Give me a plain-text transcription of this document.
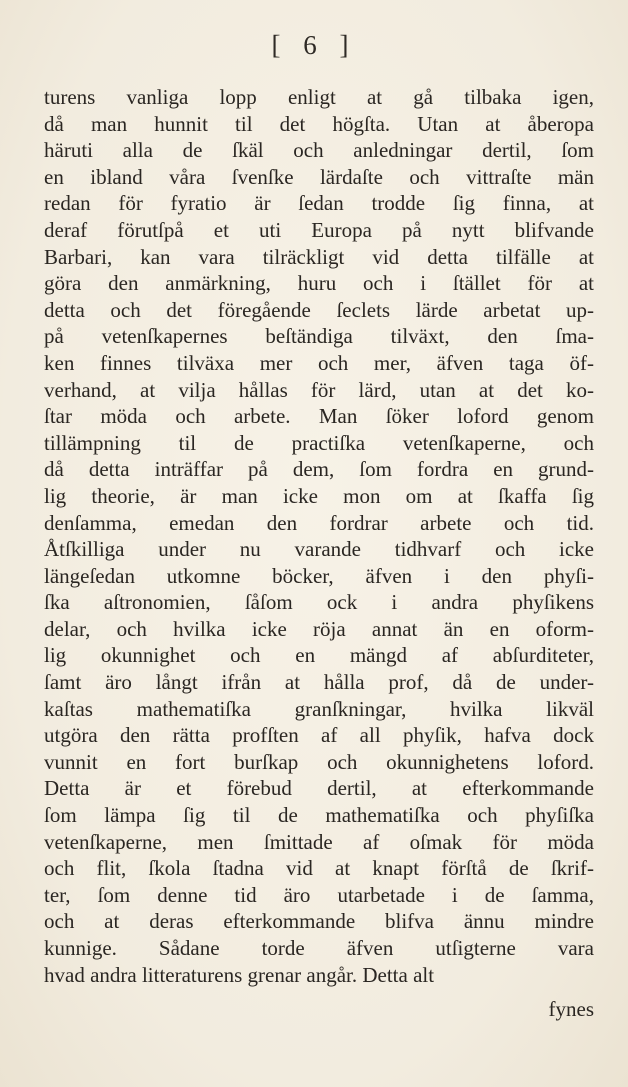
[ 6 ]
turens vanliga lopp enligt at gå tilbaka igen,
då man hunnit til det högſta. Utan at åberopa
häruti alla de ſkäl och anledningar dertil, ſom
en ibland våra ſvenſke lärdaſte och vittraſte män
redan för fyratio är ſedan trodde ſig finna, at
deraf förutſpå et uti Europa på nytt blifvande
Barbari, kan vara tilräckligt vid detta tilfälle at
göra den anmärkning, huru och i ſtället för at
detta och det föregående ſeclets lärde arbetat up-
på vetenſkapernes beſtändiga tilväxt, den ſma-
ken finnes tilväxa mer och mer, äfven taga öf-
verhand, at vilja hållas för lärd, utan at det ko-
ſtar möda och arbete. Man ſöker loford genom
tillämpning til de practiſka vetenſkaperne, och
då detta inträffar på dem, ſom fordra en grund-
lig theorie, är man icke mon om at ſkaffa ſig
denſamma, emedan den fordrar arbete och tid.
Åtſkilliga under nu varande tidhvarf och icke
längeſedan utkomne böcker, äfven i den phyſi-
ſka aſtronomien, ſåſom ock i andra phyſikens
delar, och hvilka icke röja annat än en oform-
lig okunnighet och en mängd af abſurditeter,
ſamt äro långt ifrån at hålla prof, då de under-
kaſtas mathematiſka granſkningar, hvilka likväl
utgöra den rätta profſten af all phyſik, hafva dock
vunnit en fort burſkap och okunnighetens loford.
Detta är et förebud dertil, at efterkommande
ſom lämpa ſig til de mathematiſka och phyſiſka
vetenſkaperne, men ſmittade af oſmak för möda
och flit, ſkola ſtadna vid at knapt förſtå de ſkrif-
ter, ſom denne tid äro utarbetade i de ſamma,
och at deras efterkommande blifva ännu mindre
kunnige. Sådane torde äfven utſigterne vara
hvad andra litteraturens grenar angår. Detta alt
fynes
